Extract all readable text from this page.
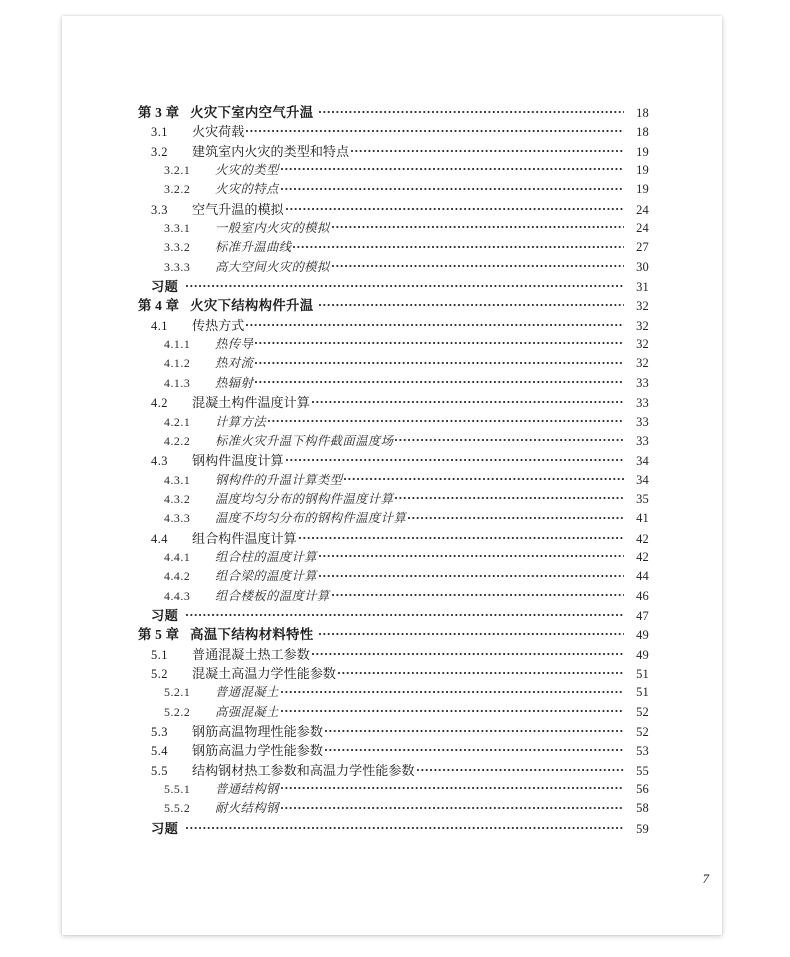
第 3 章 火灾下室内空气升温	18
3.1	火灾荷载	18
3.2	建筑室内火灾的类型和特点	19
3.2.1	火灾的类型	19
3.2.2	火灾的特点	19
3.3	空气升温的模拟	24
3.3.1	一般室内火灾的模拟	24
3.3.2	标准升温曲线	27
3.3.3	高大空间火灾的模拟	30
习题	31
第 4 章 火灾下结构构件升温	32
4.1	传热方式	32
4.1.1	热传导	32
4.1.2	热对流	32
4.1.3	热辐射	33
4.2	混凝土构件温度计算	33
4.2.1	计算方法	33
4.2.2	标准火灾升温下构件截面温度场	33
4.3	钢构件温度计算	34
4.3.1	钢构件的升温计算类型	34
4.3.2	温度均匀分布的钢构件温度计算	35
4.3.3	温度不均匀分布的钢构件温度计算	41
4.4	组合构件温度计算	42
4.4.1	组合柱的温度计算	42
4.4.2	组合梁的温度计算	44
4.4.3	组合楼板的温度计算	46
习题	47
第 5 章 高温下结构材料特性	49
5.1	普通混凝土热工参数	49
5.2	混凝土高温力学性能参数	51
5.2.1	普通混凝土	51
5.2.2	高强混凝土	52
5.3	钢筋高温物理性能参数	52
5.4	钢筋高温力学性能参数	53
5.5	结构钢材热工参数和高温力学性能参数	55
5.5.1	普通结构钢	56
5.5.2	耐火结构钢	58
习题	59
7
